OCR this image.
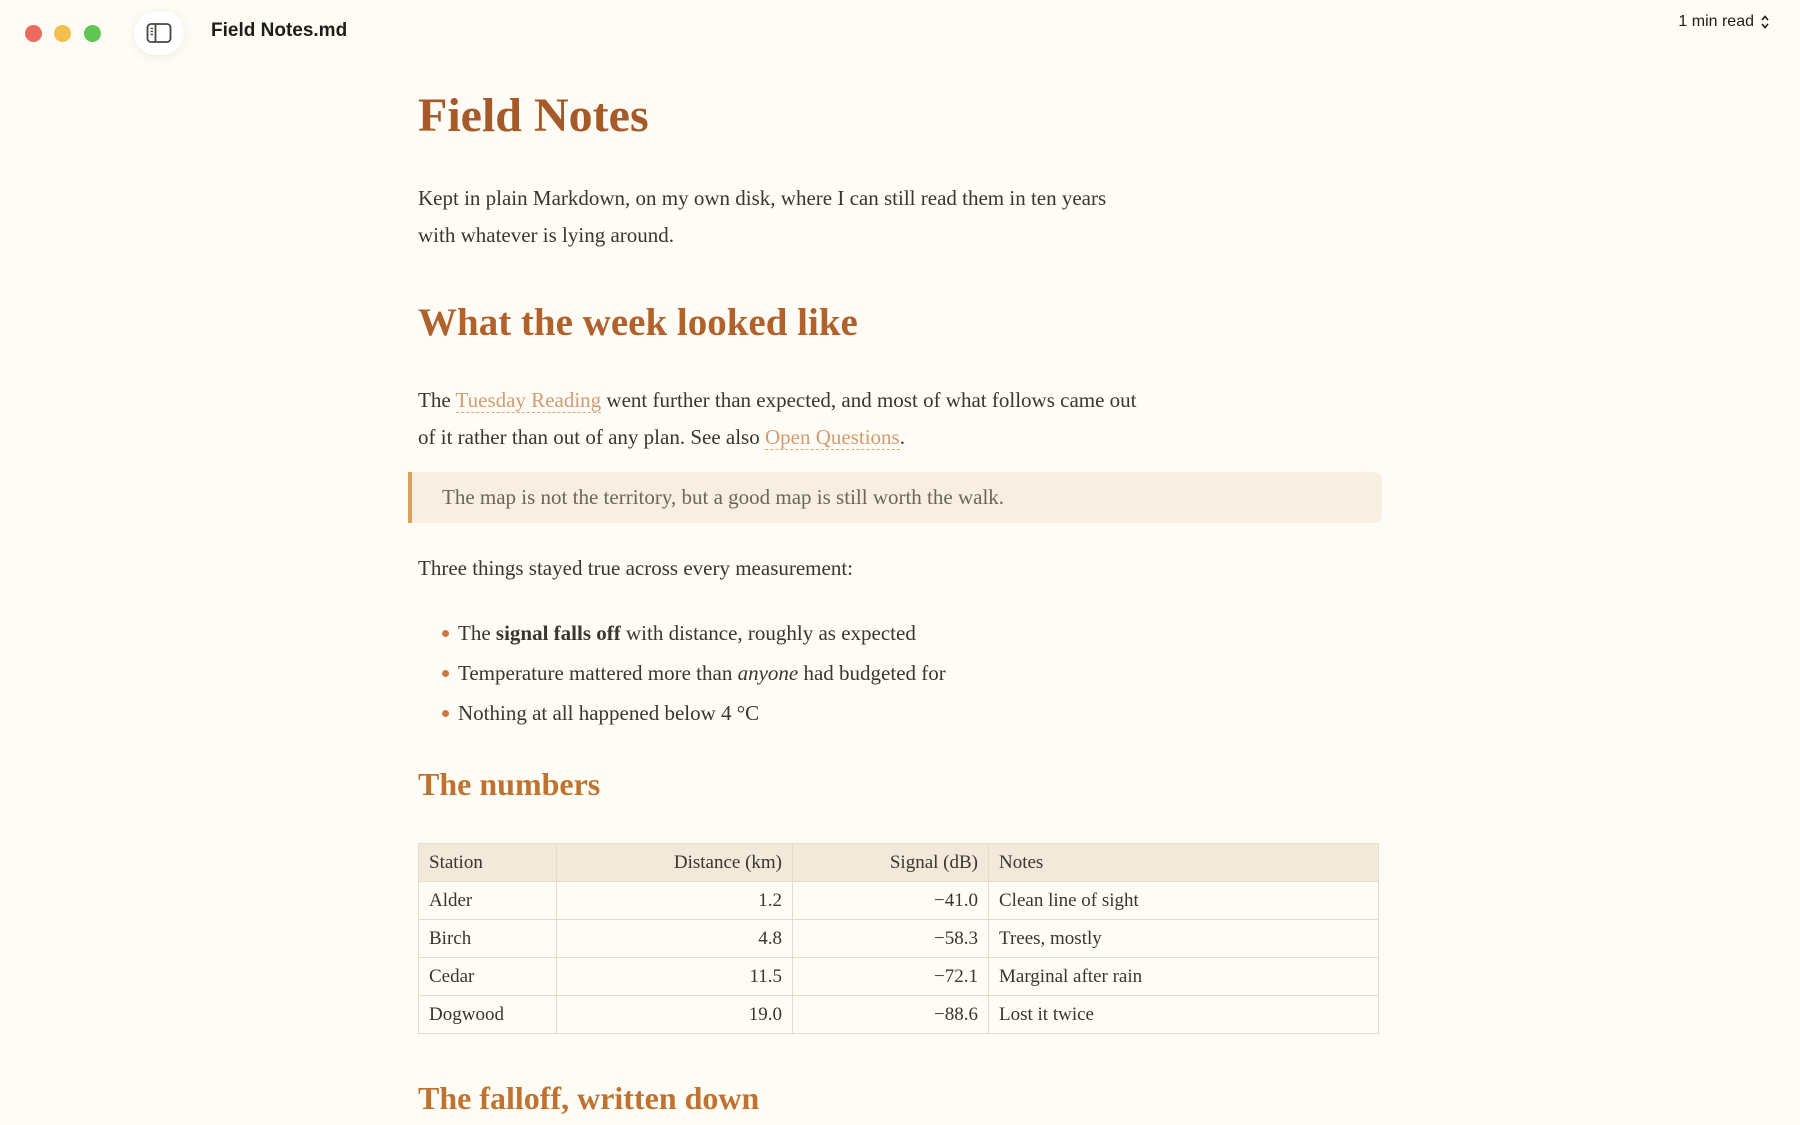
Field Notes.md	1 min read
Field Notes

Kept in plain Markdown, on my own disk, where I can still read them in ten years with whatever is lying around.

What the week looked like

The Tuesday Reading went further than expected, and most of what follows came out of it rather than out of any plan. See also Open Questions.

The map is not the territory, but a good map is still worth the walk.

Three things stayed true across every measurement:

The signal falls off with distance, roughly as expected
Temperature mattered more than anyone had budgeted for
Nothing at all happened below 4 °C
The numbers
Station	Distance (km)	Signal (dB)	Notes
Alder	1.2	−41.0	Clean line of sight
Birch	4.8	−58.3	Trees, mostly
Cedar	11.5	−72.1	Marginal after rain
Dogwood	19.0	−88.6	Lost it twice
The falloff, written down
